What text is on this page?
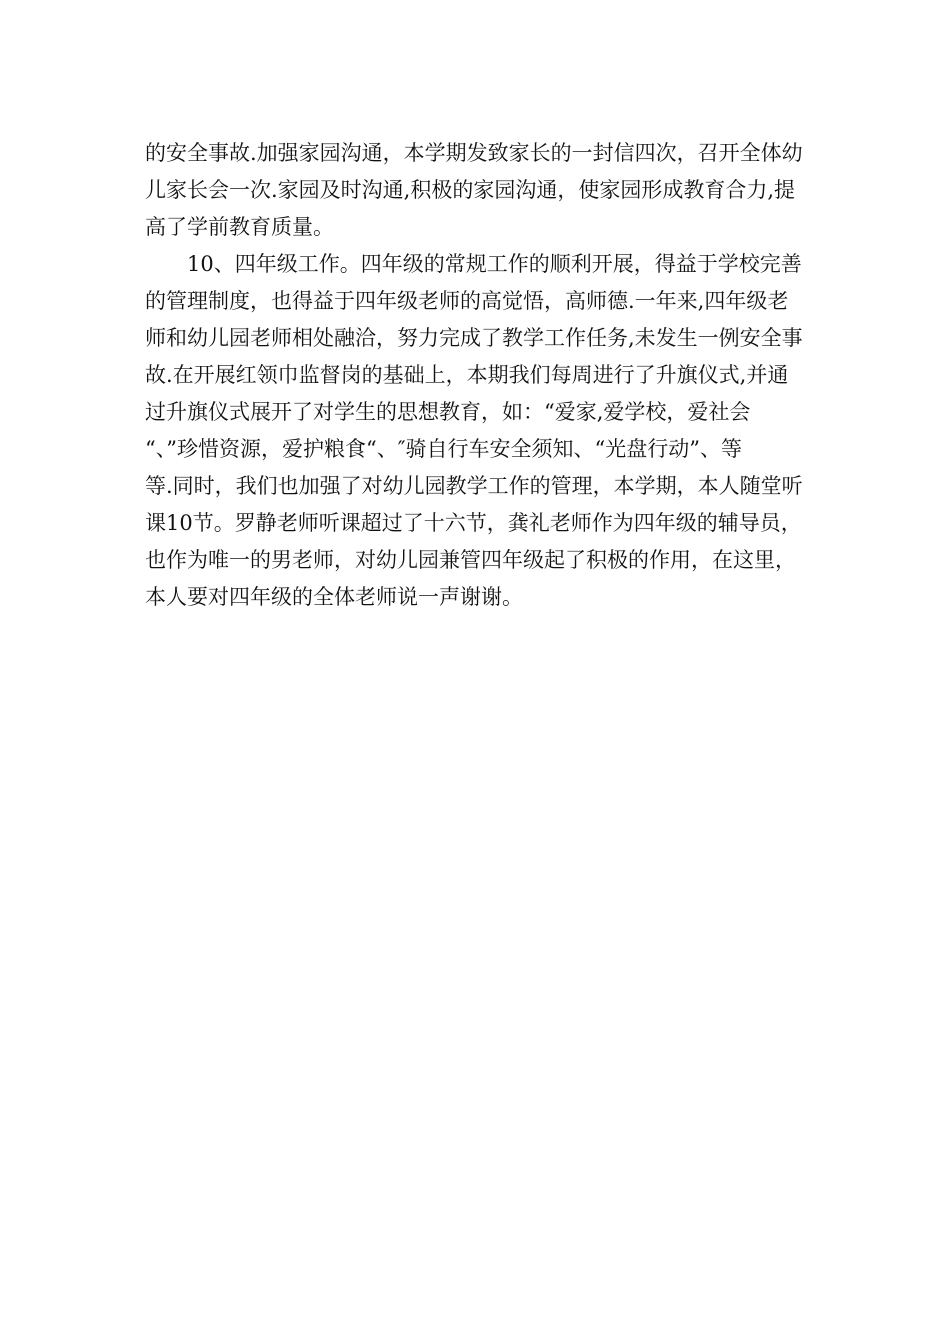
的安全事故.加强家园沟通，本学期发致家长的一封信四次，召开全体幼
儿家长会一次.家园及时沟通,积极的家园沟通，使家园形成教育合力,提
高了学前教育质量。
10、四年级工作。四年级的常规工作的顺利开展，得益于学校完善
的管理制度，也得益于四年级老师的高觉悟，高师德.一年来,四年级老
师和幼儿园老师相处融洽，努力完成了教学工作任务,未发生一例安全事
故.在开展红领巾监督岗的基础上，本期我们每周进行了升旗仪式,并通
过升旗仪式展开了对学生的思想教育，如：“爱家,爱学校，爱社会
“、”珍惜资源，爱护粮食“、″骑自行车安全须知、“光盘行动”、等
等.同时，我们也加强了对幼儿园教学工作的管理，本学期，本人随堂听
课10节。罗静老师听课超过了十六节，龚礼老师作为四年级的辅导员，
也作为唯一的男老师，对幼儿园兼管四年级起了积极的作用，在这里，
本人要对四年级的全体老师说一声谢谢。
